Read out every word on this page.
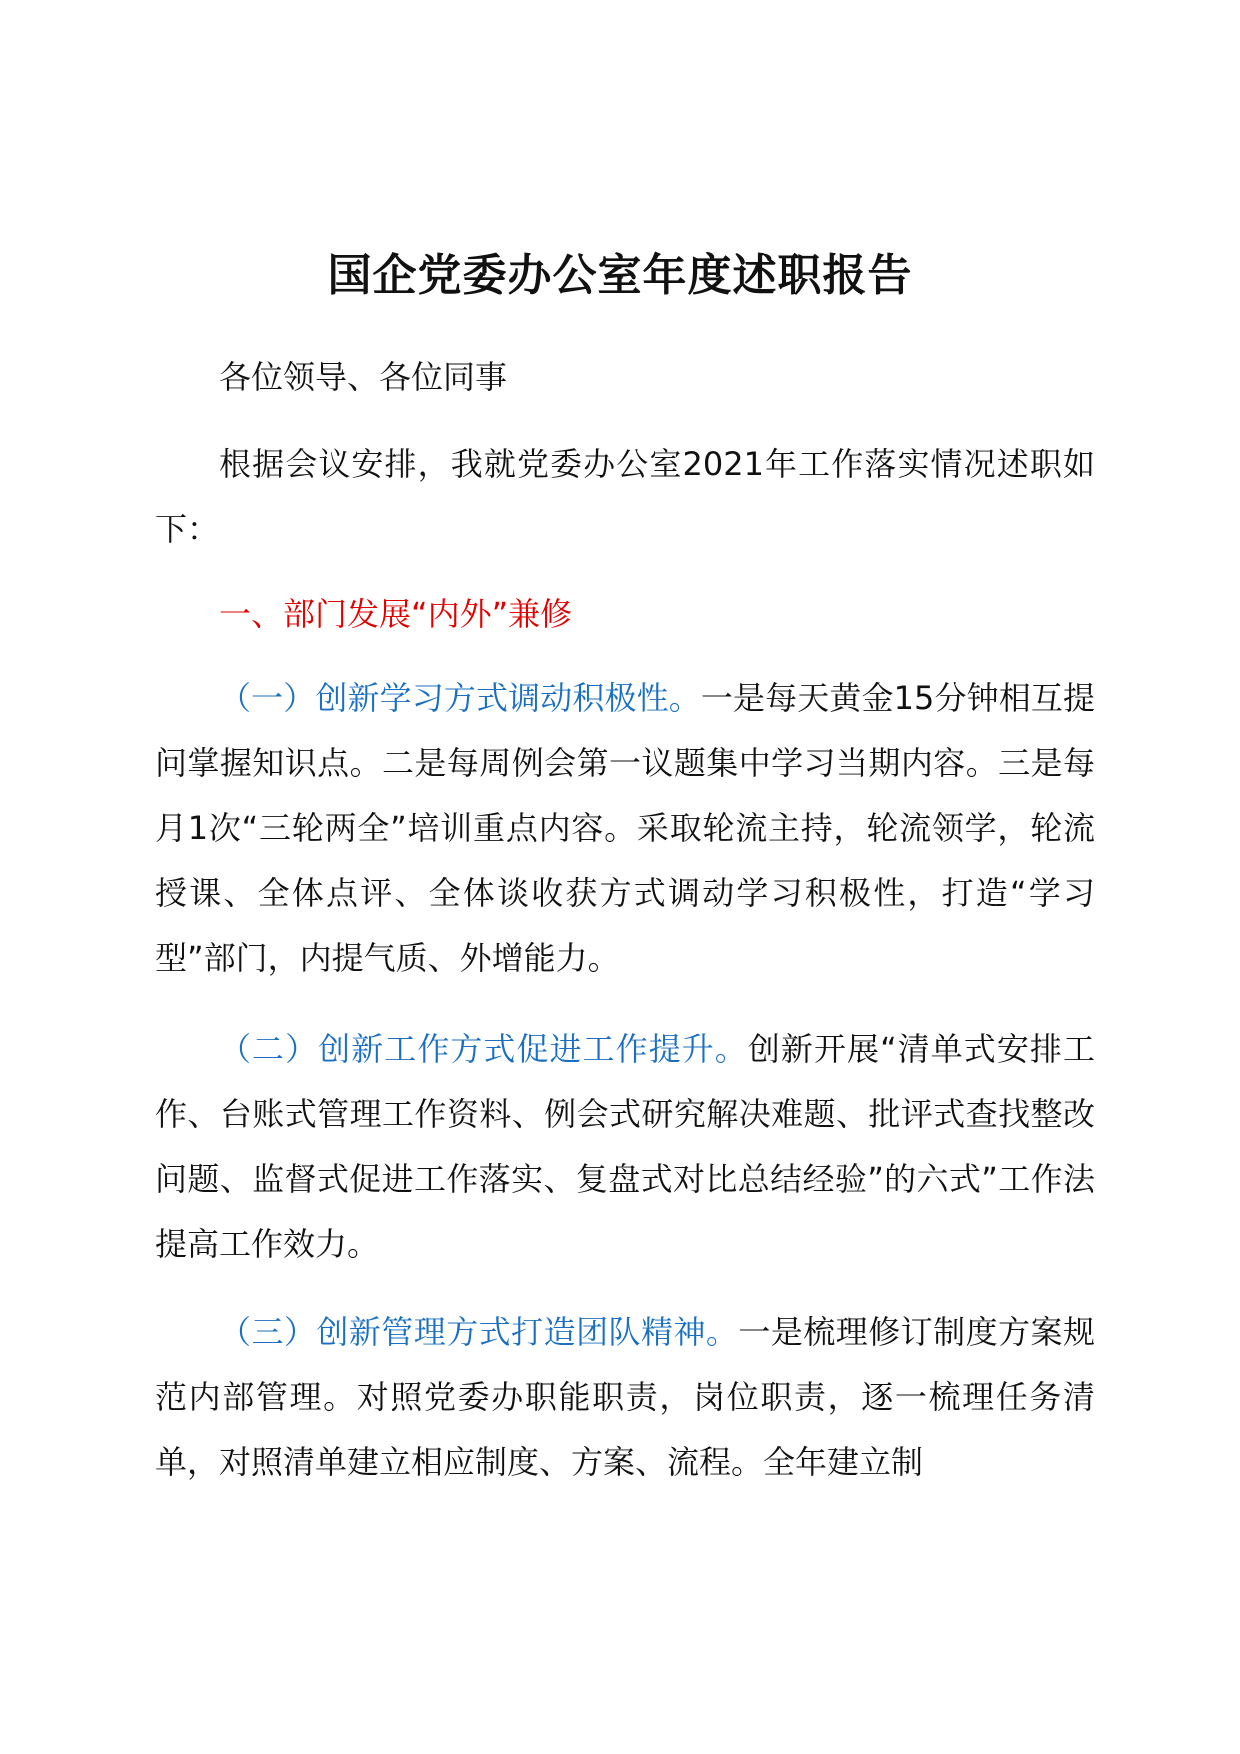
国企党委办公室年度述职报告
各位领导、各位同事
根据会议安排，我就党委办公室2021年工作落实情况述职如下：
一、部门发展“内外”兼修
（一）创新学习方式调动积极性。一是每天黄金15分钟相互提问掌握知识点。二是每周例会第一议题集中学习当期内容。三是每月1次“三轮两全”培训重点内容。采取轮流主持，轮流领学，轮流授课、全体点评、全体谈收获方式调动学习积极性，打造“学习型”部门，内提气质、外增能力。
（二）创新工作方式促进工作提升。创新开展“清单式安排工作、台账式管理工作资料、例会式研究解决难题、批评式查找整改问题、监督式促进工作落实、复盘式对比总结经验”的六式”工作法提高工作效力。
（三）创新管理方式打造团队精神。一是梳理修订制度方案规范内部管理。对照党委办职能职责，岗位职责，逐一梳理任务清单，对照清单建立相应制度、方案、流程。全年建立制
